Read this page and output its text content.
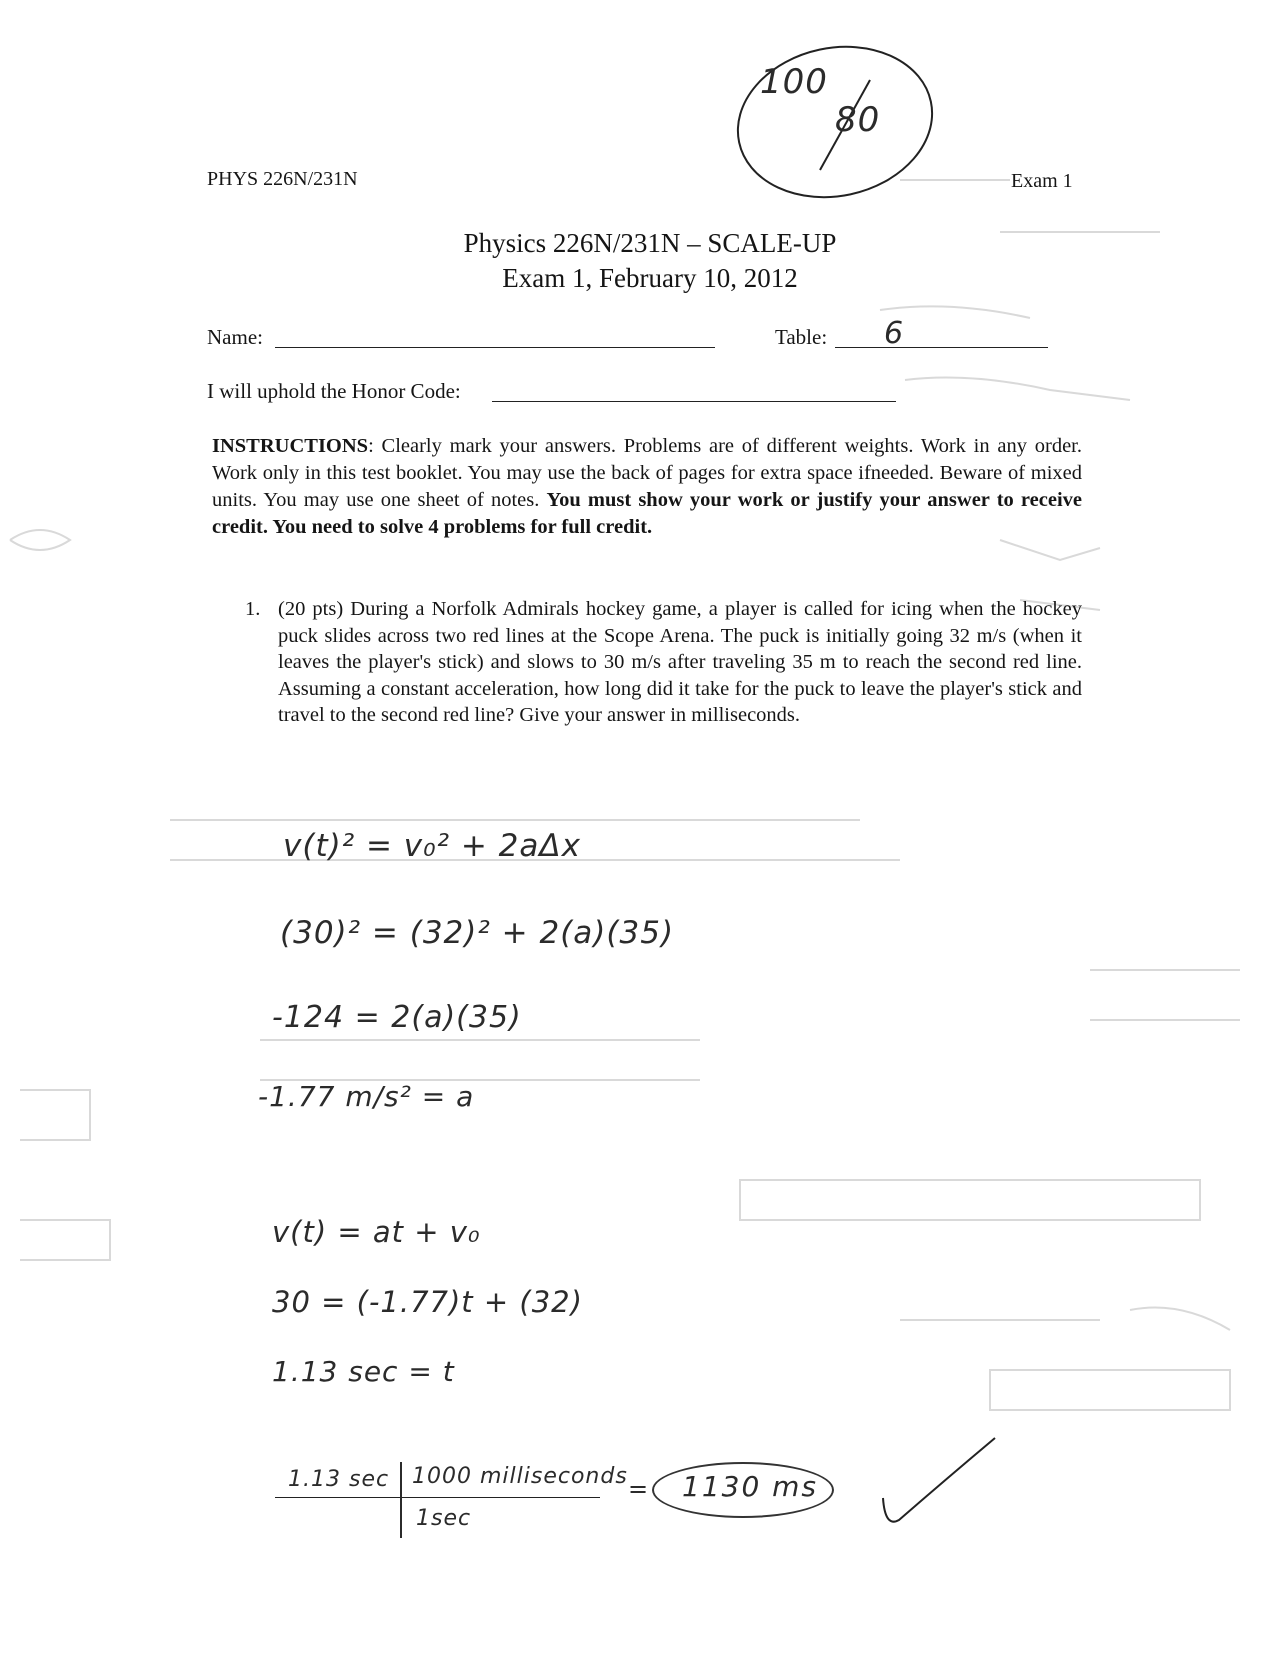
PHYS 226N/231N	Exam 1
100
80
Physics 226N/231N – SCALE-UP
Exam 1, February 10, 2012
Name:	Table: 6
I will uphold the Honor Code:
INSTRUCTIONS: Clearly mark your answers. Problems are of different weights. Work in any order. Work only in this test booklet. You may use the back of pages for extra space ifneeded. Beware of mixed units. You may use one sheet of notes. You must show your work or justify your answer to receive credit. You need to solve 4 problems for full credit.
1. (20 pts) During a Norfolk Admirals hockey game, a player is called for icing when the hockey puck slides across two red lines at the Scope Arena. The puck is initially going 32 m/s (when it leaves the player's stick) and slows to 30 m/s after traveling 35 m to reach the second red line. Assuming a constant acceleration, how long did it take for the puck to leave the player's stick and travel to the second red line? Give your answer in milliseconds.
v(t)² = v₀² + 2aΔx
(30)² = (32)² + 2(a)(35)
-124 = 2(a)(35)
-1.77 m/s² = a
v(t) = at + v₀
30 = (-1.77)t + (32)
1.13 sec = t
1.13 sec 1000 milliseconds
1sec
= 1130 ms
